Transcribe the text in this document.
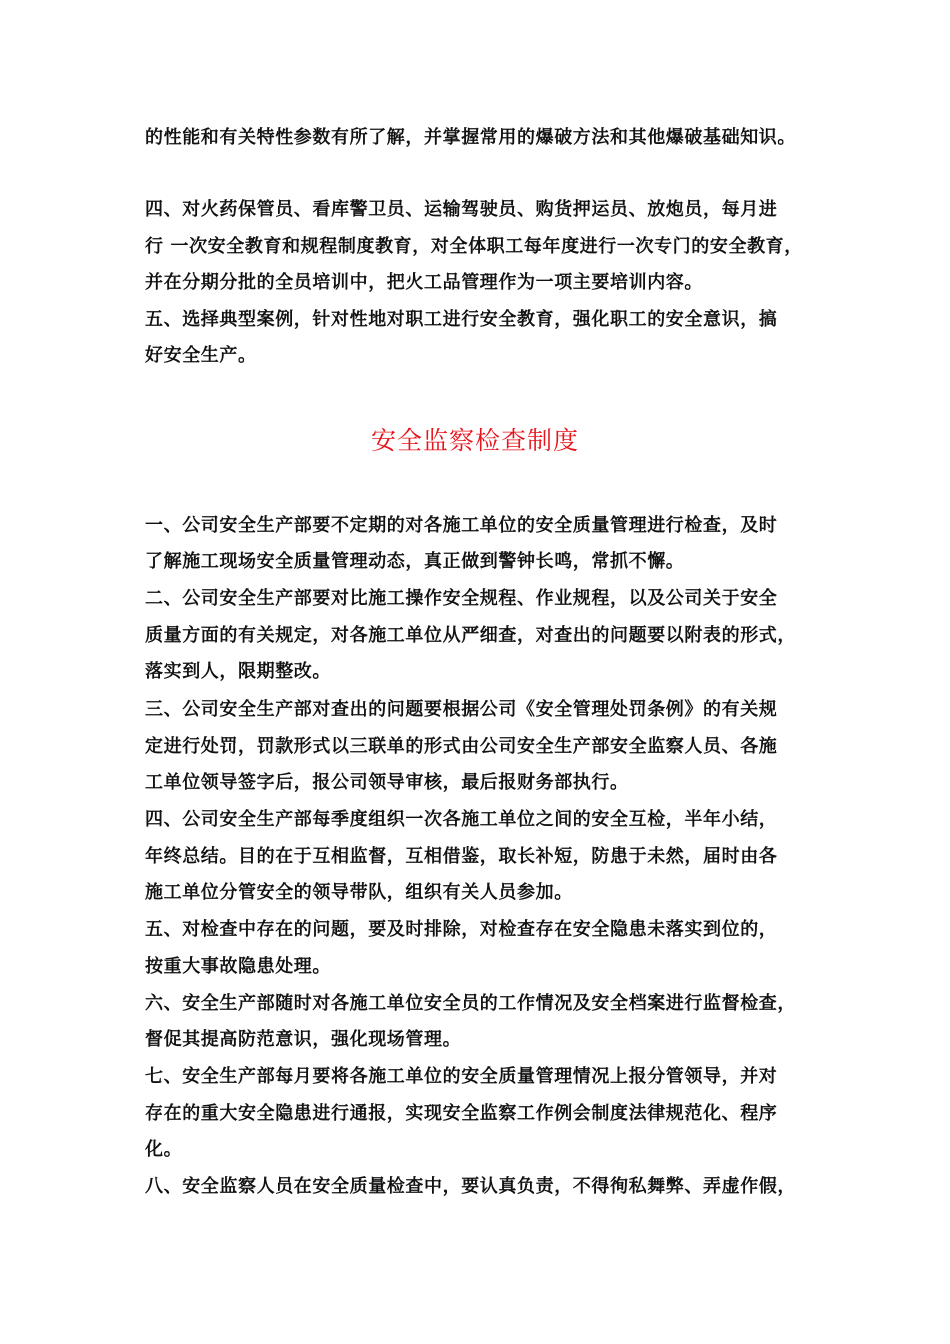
的性能和有关特性参数有所了解，并掌握常用的爆破方法和其他爆破基础知识。
四、对火药保管员、看库警卫员、运输驾驶员、购货押运员、放炮员，每月进
行 一次安全教育和规程制度教育，对全体职工每年度进行一次专门的安全教育，
并在分期分批的全员培训中，把火工品管理作为一项主要培训内容。
五、选择典型案例，针对性地对职工进行安全教育，强化职工的安全意识，搞
好安全生产。
安全监察检查制度
一、公司安全生产部要不定期的对各施工单位的安全质量管理进行检查，及时
了解施工现场安全质量管理动态，真正做到警钟长鸣，常抓不懈。
二、公司安全生产部要对比施工操作安全规程、作业规程，以及公司关于安全
质量方面的有关规定，对各施工单位从严细查，对查出的问题要以附表的形式，
落实到人，限期整改。
三、公司安全生产部对查出的问题要根据公司《安全管理处罚条例》的有关规
定进行处罚，罚款形式以三联单的形式由公司安全生产部安全监察人员、各施
工单位领导签字后，报公司领导审核，最后报财务部执行。
四、公司安全生产部每季度组织一次各施工单位之间的安全互检，半年小结，
年终总结。目的在于互相监督，互相借鉴，取长补短，防患于未然，届时由各
施工单位分管安全的领导带队，组织有关人员参加。
五、对检查中存在的问题，要及时排除，对检查存在安全隐患未落实到位的，
按重大事故隐患处理。
六、安全生产部随时对各施工单位安全员的工作情况及安全档案进行监督检查，
督促其提高防范意识，强化现场管理。
七、安全生产部每月要将各施工单位的安全质量管理情况上报分管领导，并对
存在的重大安全隐患进行通报，实现安全监察工作例会制度法律规范化、程序
化。
八、安全监察人员在安全质量检查中，要认真负责，不得徇私舞弊、弄虚作假，
